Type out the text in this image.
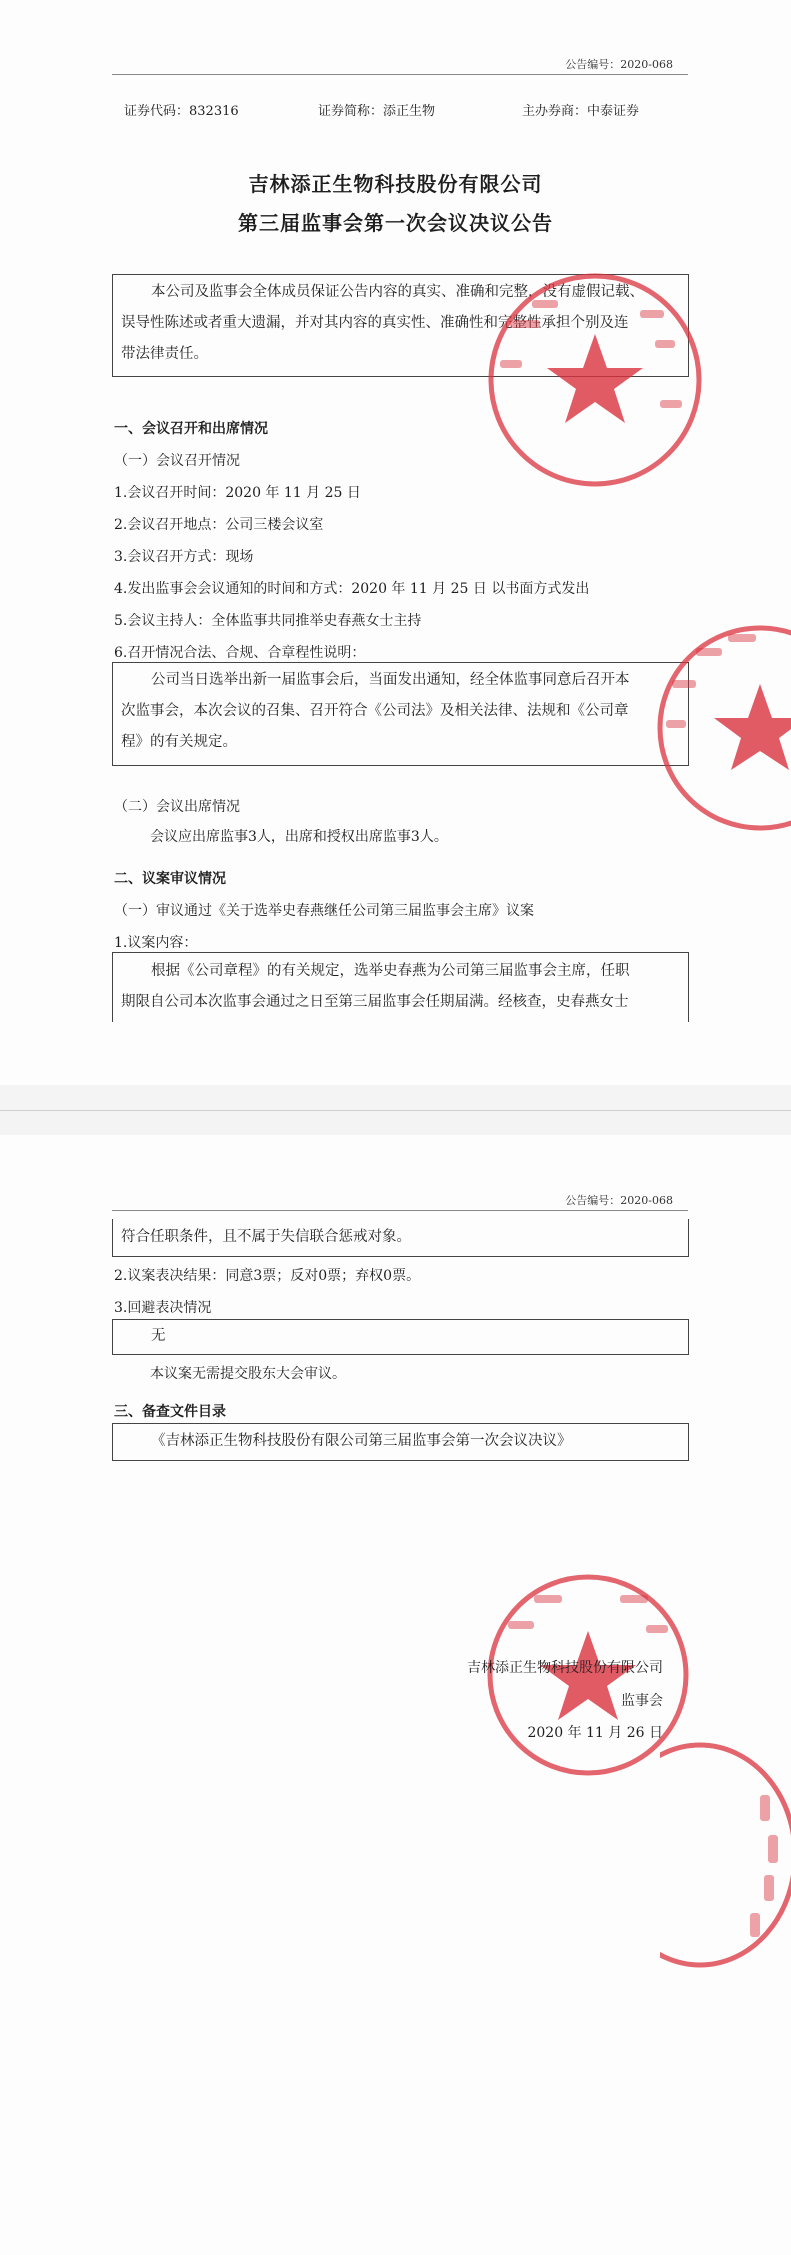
公告编号：2020-068
证券代码：832316	证券简称：添正生物	主办券商：中泰证券
吉林添正生物科技股份有限公司
第三届监事会第一次会议决议公告
本公司及监事会全体成员保证公告内容的真实、准确和完整，没有虚假记载、
误导性陈述或者重大遗漏，并对其内容的真实性、准确性和完整性承担个别及连
带法律责任。
一、会议召开和出席情况
（一）会议召开情况
1.会议召开时间：2020 年 11 月 25 日
2.会议召开地点：公司三楼会议室
3.会议召开方式：现场
4.发出监事会会议通知的时间和方式：2020 年 11 月 25 日 以书面方式发出
5.会议主持人：全体监事共同推举史春燕女士主持
6.召开情况合法、合规、合章程性说明：
公司当日选举出新一届监事会后，当面发出通知，经全体监事同意后召开本
次监事会，本次会议的召集、召开符合《公司法》及相关法律、法规和《公司章
程》的有关规定。
（二）会议出席情况
会议应出席监事3人，出席和授权出席监事3人。
二、议案审议情况
（一）审议通过《关于选举史春燕继任公司第三届监事会主席》议案
1.议案内容：
根据《公司章程》的有关规定，选举史春燕为公司第三届监事会主席，任职
期限自公司本次监事会通过之日至第三届监事会任期届满。经核查，史春燕女士
公告编号：2020-068
符合任职条件，且不属于失信联合惩戒对象。
2.议案表决结果：同意3票；反对0票；弃权0票。
3.回避表决情况
无
本议案无需提交股东大会审议。
三、备查文件目录
《吉林添正生物科技股份有限公司第三届监事会第一次会议决议》
吉林添正生物科技股份有限公司
监事会
2020 年 11 月 26 日
